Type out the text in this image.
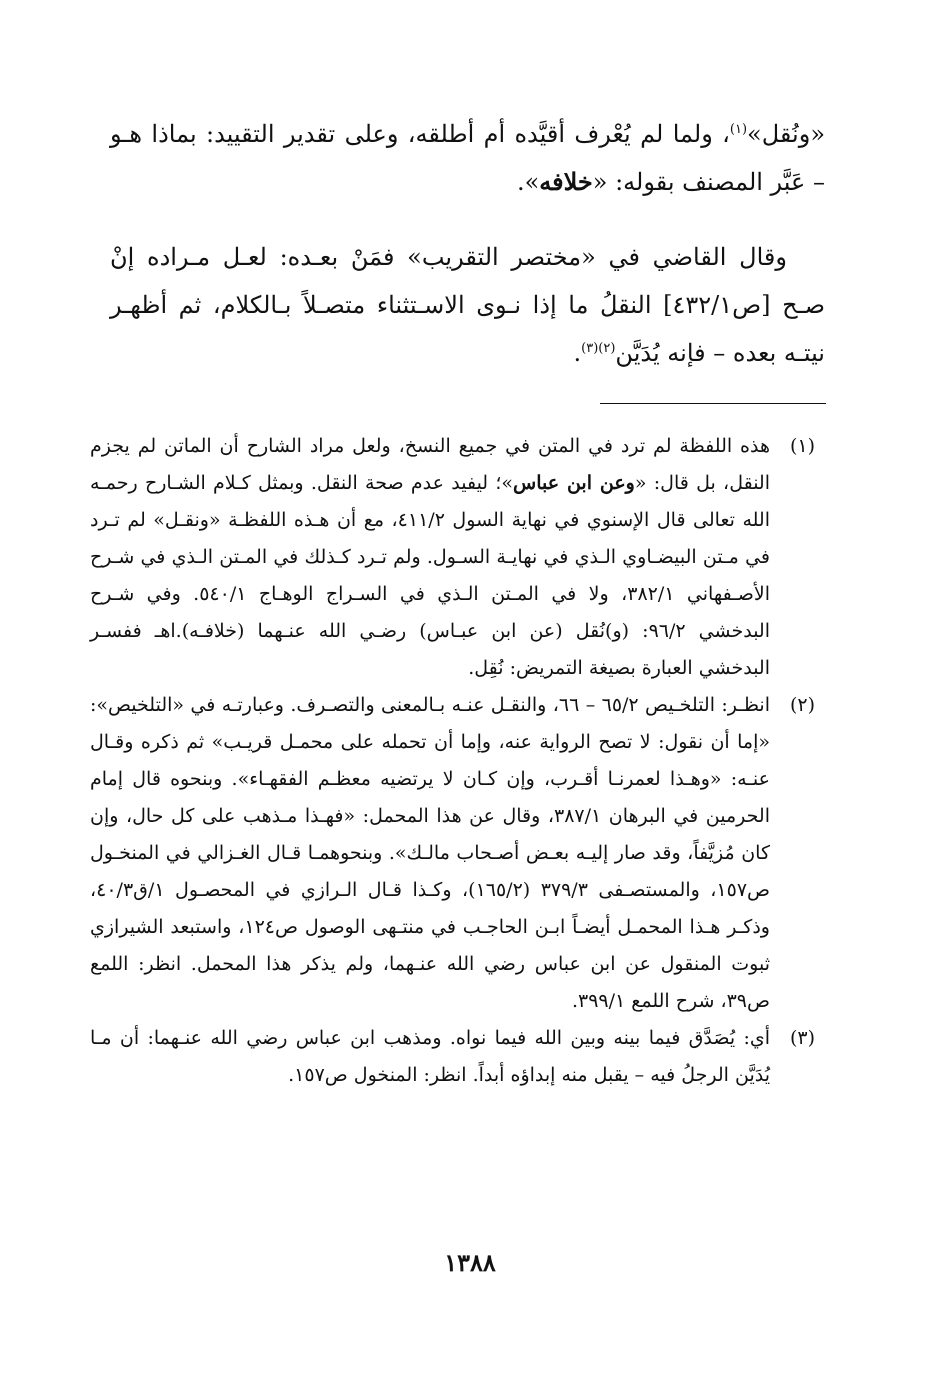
«ونُقل»$^{(١)}$، ولما لم يُعْرف أقيَّده أم أطلقه، وعلى تقدير التقييد: بماذا هـو – عَبَّر المصنف بقوله: «خلافه».

وقال القاضي في «مختصر التقريب» فمَنْ بعـده: لعـل مـراده إنْ صـح [ص٤٣٢/١] النقلُ ما إذا نـوى الاسـتثناء متصـلاً بـالكلام، ثم أظهـر نيتـه بعده – فإنه يُدَيَّن$^{(٢)(٣)}$.

(١)
هذه اللفظة لم ترد في المتن في جميع النسخ، ولعل مراد الشارح أن الماتن لم يجزم النقل، بل قال: «وعن ابن عباس»؛ ليفيد عدم صحة النقل. وبمثل كـلام الشـارح رحمـه الله تعالى قال الإسنوي في نهاية السول ٤١١/٢، مع أن هـذه اللفظـة «ونقـل» لم تـرد في مـتن البيضـاوي الـذي في نهايـة السـول. ولم تـرد كـذلك في المـتن الـذي في شـرح الأصـفهاني ٣٨٢/١، ولا في المـتن الـذي في السـراج الوهـاج ٥٤٠/١. وفي شـرح البدخشي ٩٦/٢: (و)نُقل (عن ابن عبـاس) رضـي الله عنـهما (خلافـه).اهـ ففسـر البدخشي العبارة بصيغة التمريض: نُقِل.

(٢)
انظـر: التلخـيص ٦٥/٢ – ٦٦، والنقـل عنـه بـالمعنى والتصـرف. وعبارتـه في «التلخيص»: «إما أن نقول: لا تصح الرواية عنه، وإما أن تحمله على محمـل قريـب» ثم ذكره وقـال عنـه: «وهـذا لعمرنـا أقـرب، وإن كـان لا يرتضيه معظـم الفقهـاء». وبنحوه قال إمام الحرمين في البرهان ٣٨٧/١، وقال عن هذا المحمل: «فهـذا مـذهب على كل حال، وإن كان مُزيَّفاً، وقد صار إليـه بعـض أصـحاب مالـك». وبنحوهمـا قـال الغـزالي في المنخـول ص١٥٧، والمستصـفى ٣٧٩/٣ (١٦٥/٢)، وكـذا قـال الـرازي في المحصـول ١/ق٤٠/٣، وذكـر هـذا المحمـل أيضـاً ابـن الحاجـب في منتـهى الوصول ص١٢٤، واستبعد الشيرازي ثبوت المنقول عن ابن عباس رضي الله عنـهما، ولم يذكر هذا المحمل. انظر: اللمع ص٣٩، شرح اللمع ٣٩٩/١.

(٣)
أي: يُصَدَّق فيما بينه وبين الله فيما نواه. ومذهب ابن عباس رضي الله عنـهما: أن مـا يُدَيَّن الرجلُ فيه – يقبل منه إبداؤه أبداً. انظر: المنخول ص١٥٧.

١٣٨٨
